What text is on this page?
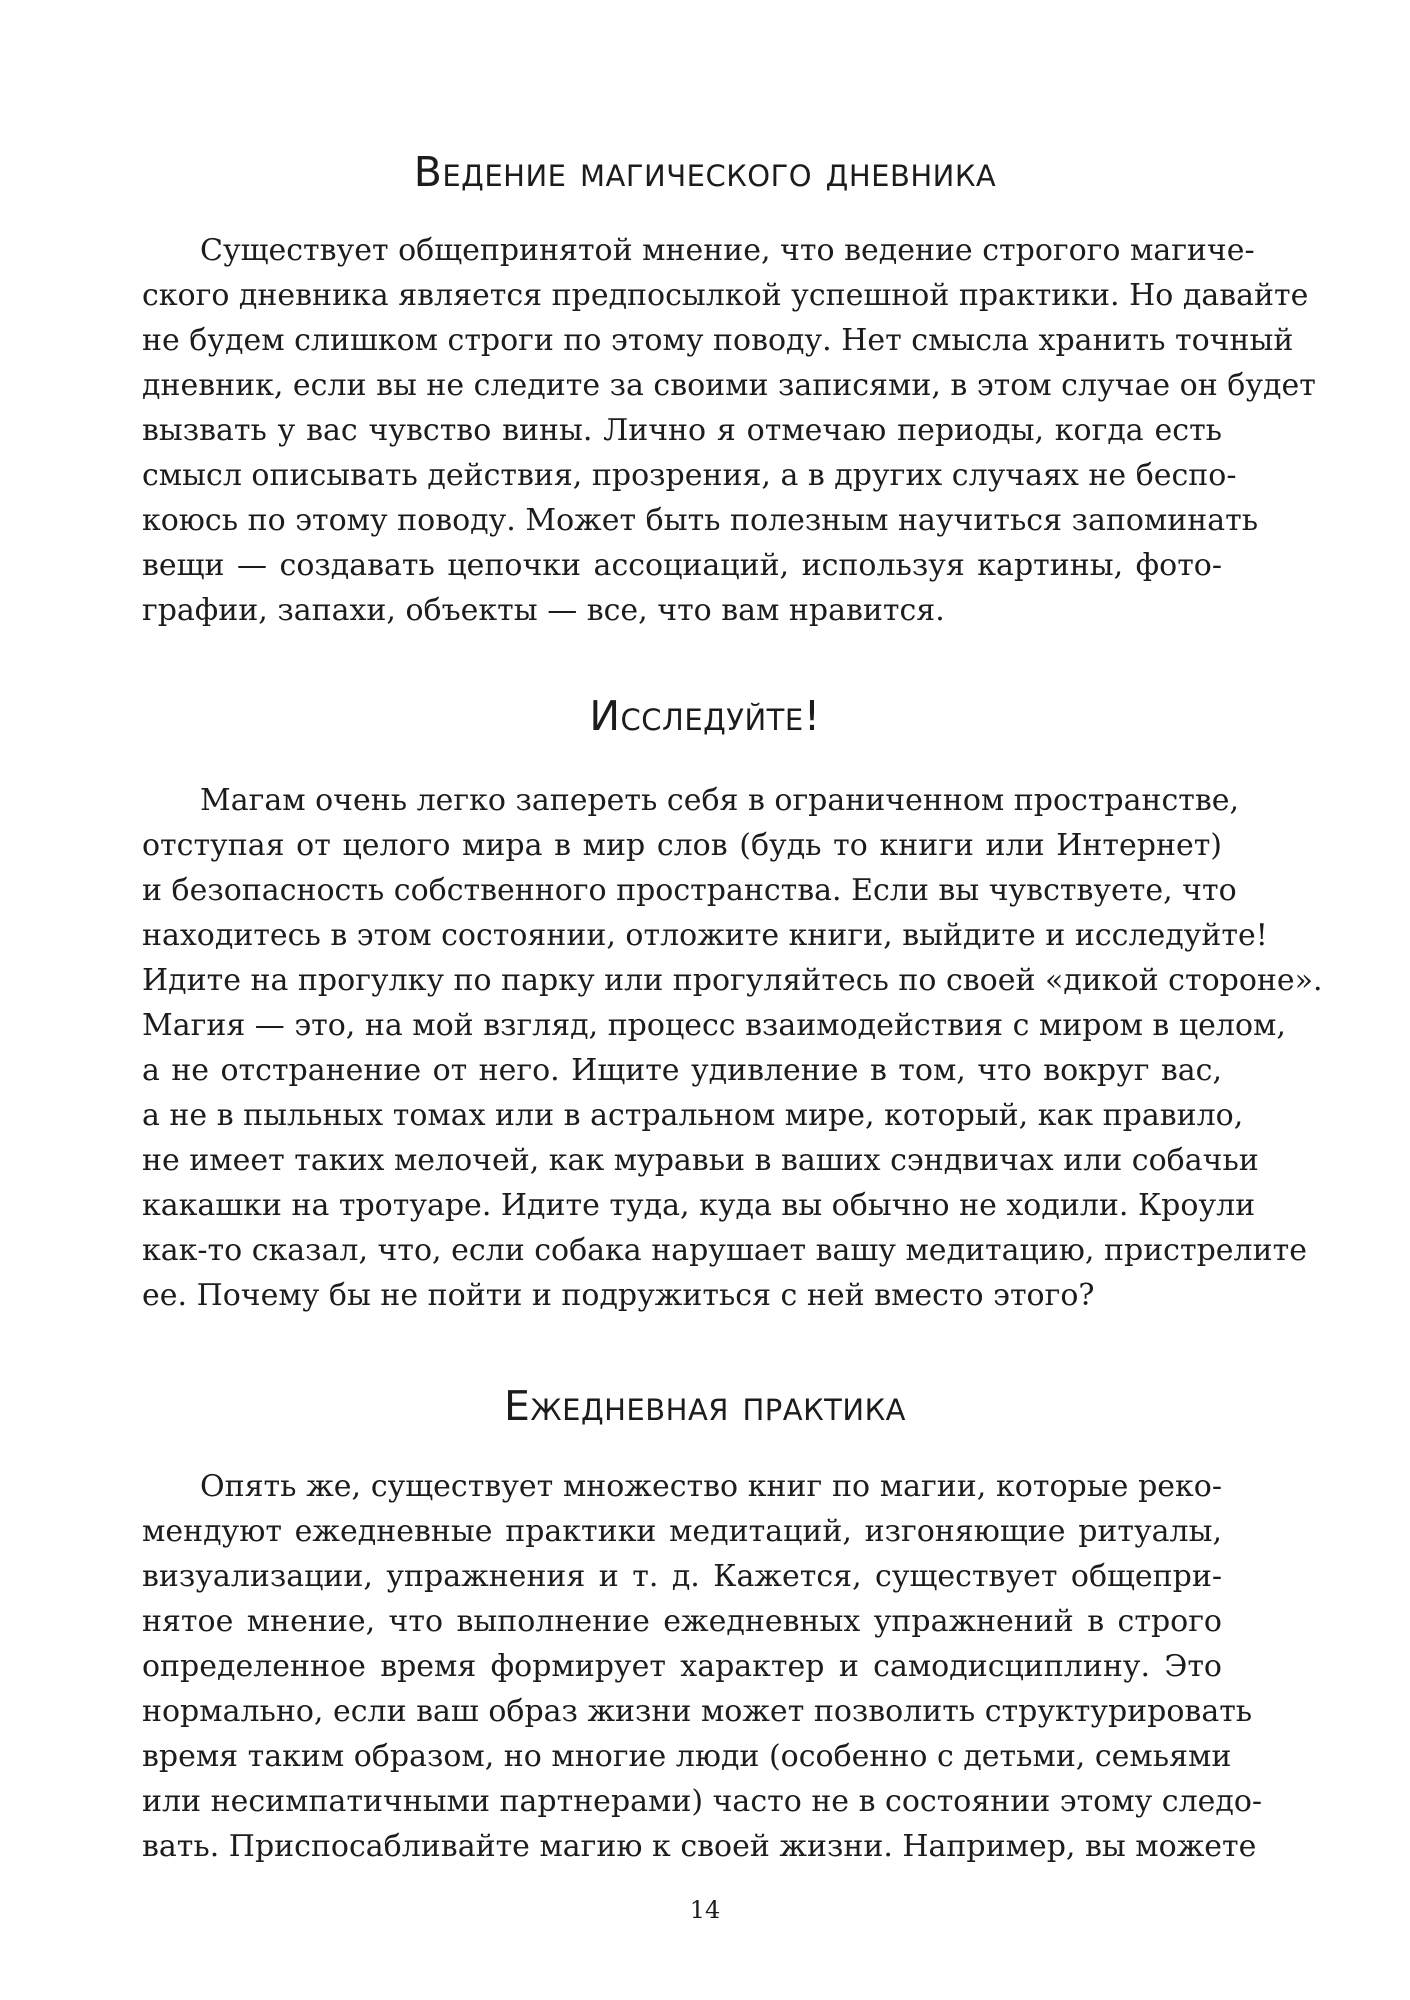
Ведение магического дневника
Существует общепринятой мнение, что ведение строгого магиче-
ского дневника является предпосылкой успешной практики. Но давайте
не будем слишком строги по этому поводу. Нет смысла хранить точный
дневник, если вы не следите за своими записями, в этом случае он будет
вызвать у вас чувство вины. Лично я отмечаю периоды, когда есть
смысл описывать действия, прозрения, а в других случаях не беспо-
коюсь по этому поводу. Может быть полезным научиться запоминать
вещи — создавать цепочки ассоциаций, используя картины, фото-
графии, запахи, объекты — все, что вам нравится.
Исследуйте!
Магам очень легко запереть себя в ограниченном пространстве,
отступая от целого мира в мир слов (будь то книги или Интернет)
и безопасность собственного пространства. Если вы чувствуете, что
находитесь в этом состоянии, отложите книги, выйдите и исследуйте!
Идите на прогулку по парку или прогуляйтесь по своей «дикой стороне».
Магия — это, на мой взгляд, процесс взаимодействия с миром в целом,
а не отстранение от него. Ищите удивление в том, что вокруг вас,
а не в пыльных томах или в астральном мире, который, как правило,
не имеет таких мелочей, как муравьи в ваших сэндвичах или собачьи
какашки на тротуаре. Идите туда, куда вы обычно не ходили. Кроули
как-то сказал, что, если собака нарушает вашу медитацию, пристрелите
ее. Почему бы не пойти и подружиться с ней вместо этого?
Ежедневная практика
Опять же, существует множество книг по магии, которые реко-
мендуют ежедневные практики медитаций, изгоняющие ритуалы,
визуализации, упражнения и т. д. Кажется, существует общепри-
нятое мнение, что выполнение ежедневных упражнений в строго
определенное время формирует характер и самодисциплину. Это
нормально, если ваш образ жизни может позволить структурировать
время таким образом, но многие люди (особенно с детьми, семьями
или несимпатичными партнерами) часто не в состоянии этому следо-
вать. Приспосабливайте магию к своей жизни. Например, вы можете
14
